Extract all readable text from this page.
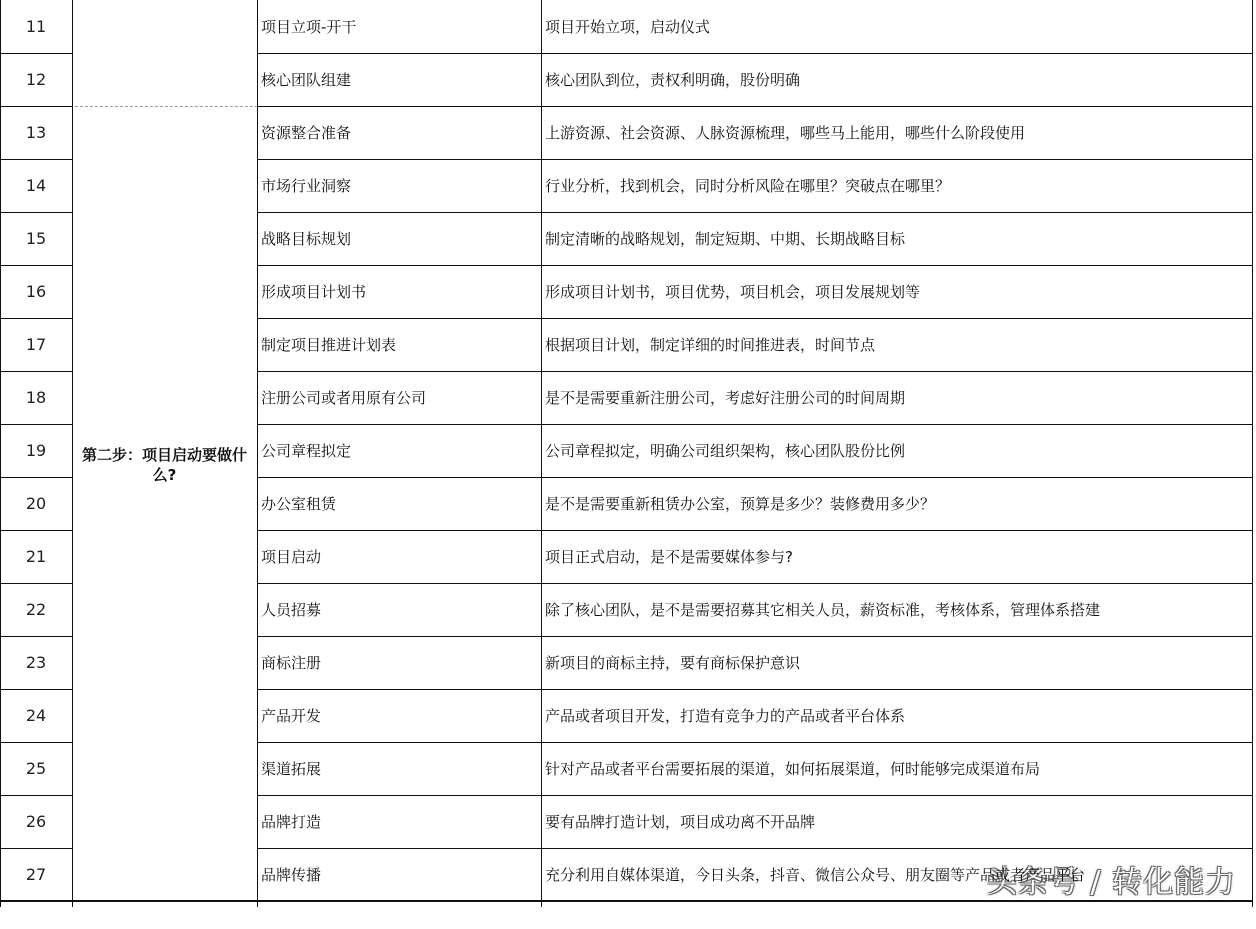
第二步：项目启动要做什么?
头条号 / 转化能力
11	项目立项-开干	项目开始立项，启动仪式
12	核心团队组建	核心团队到位，责权利明确，股份明确
13	资源整合准备	上游资源、社会资源、人脉资源梳理，哪些马上能用，哪些什么阶段使用
14	市场行业洞察	行业分析，找到机会，同时分析风险在哪里？突破点在哪里？
15	战略目标规划	制定清晰的战略规划，制定短期、中期、长期战略目标
16	形成项目计划书	形成项目计划书，项目优势，项目机会，项目发展规划等
17	制定项目推进计划表	根据项目计划，制定详细的时间推进表，时间节点
18	注册公司或者用原有公司	是不是需要重新注册公司，考虑好注册公司的时间周期
19	公司章程拟定	公司章程拟定，明确公司组织架构，核心团队股份比例
20	办公室租赁	是不是需要重新租赁办公室，预算是多少？装修费用多少？
21	项目启动	项目正式启动，是不是需要媒体参与?
22	人员招募	除了核心团队，是不是需要招募其它相关人员，薪资标准，考核体系，管理体系搭建
23	商标注册	新项目的商标主持，要有商标保护意识
24	产品开发	产品或者项目开发，打造有竞争力的产品或者平台体系
25	渠道拓展	针对产品或者平台需要拓展的渠道，如何拓展渠道，何时能够完成渠道布局
26	品牌打造	要有品牌打造计划，项目成功离不开品牌
27	品牌传播	充分利用自媒体渠道，今日头条，抖音、微信公众号、朋友圈等产品或者产品平台
